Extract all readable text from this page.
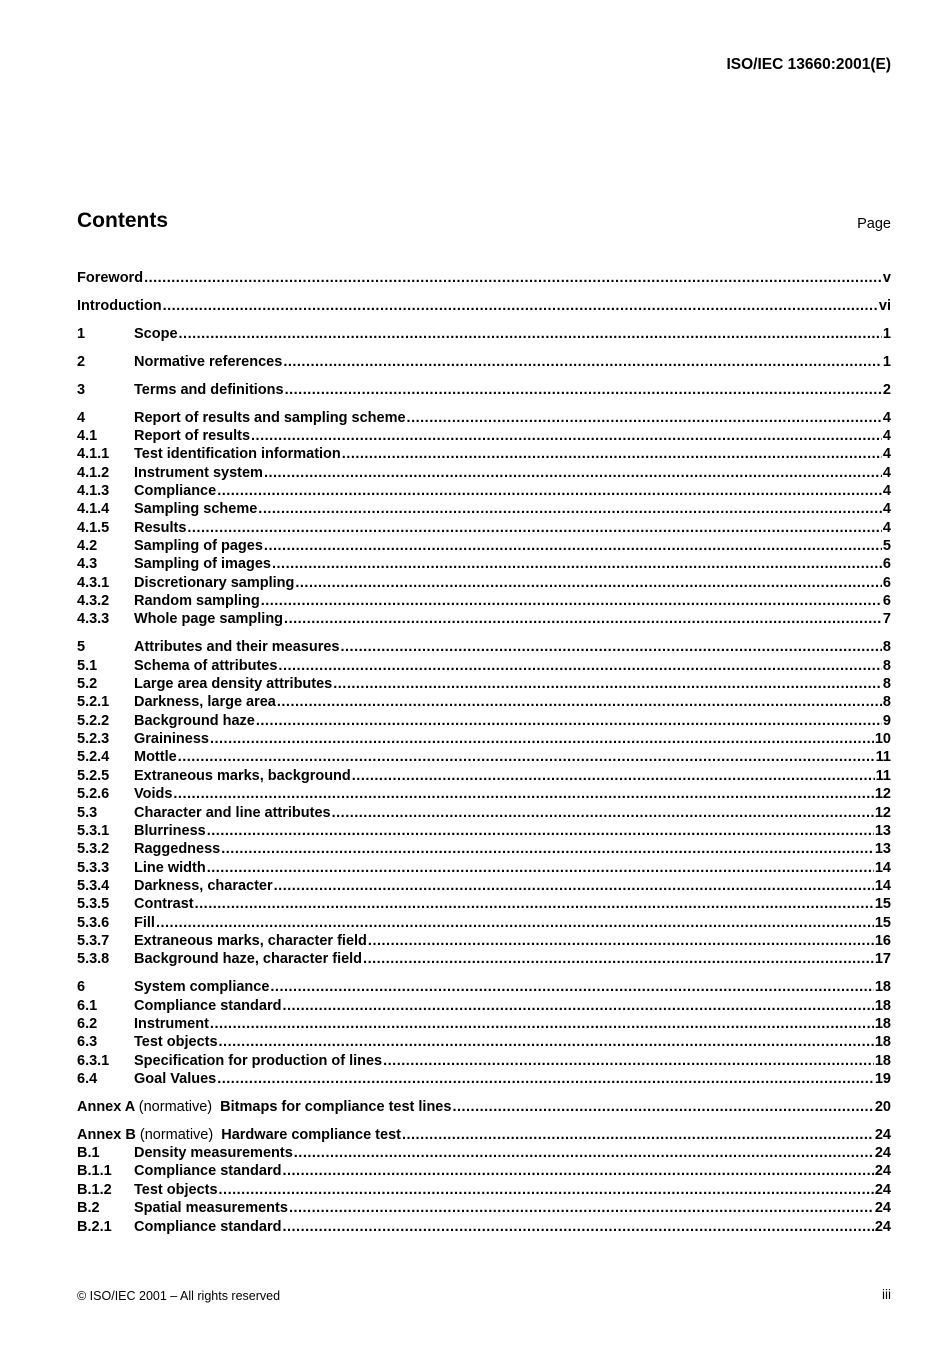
ISO/IEC 13660:2001(E)
Contents	Page
Foreword .....	v
Introduction .....	vi
1	Scope .....	1
2	Normative references .....	1
3	Terms and definitions .....	2
4	Report of results and sampling scheme .....	4
4.1	Report of results .....	4
4.1.1	Test identification information .....	4
4.1.2	Instrument system .....	4
4.1.3	Compliance .....	4
4.1.4	Sampling scheme .....	4
4.1.5	Results .....	4
4.2	Sampling of pages .....	5
4.3	Sampling of images .....	6
4.3.1	Discretionary sampling .....	6
4.3.2	Random sampling .....	6
4.3.3	Whole page sampling .....	7
5	Attributes and their measures .....	8
5.1	Schema of attributes .....	8
5.2	Large area density attributes .....	8
5.2.1	Darkness, large area .....	8
5.2.2	Background haze .....	9
5.2.3	Graininess .....	10
5.2.4	Mottle .....	11
5.2.5	Extraneous marks, background .....	11
5.2.6	Voids .....	12
5.3	Character and line attributes .....	12
5.3.1	Blurriness .....	13
5.3.2	Raggedness .....	13
5.3.3	Line width .....	14
5.3.4	Darkness, character .....	14
5.3.5	Contrast .....	15
5.3.6	Fill .....	15
5.3.7	Extraneous marks, character field .....	16
5.3.8	Background haze, character field .....	17
6	System compliance .....	18
6.1	Compliance standard .....	18
6.2	Instrument .....	18
6.3	Test objects .....	18
6.3.1	Specification for production of lines .....	18
6.4	Goal Values .....	19
Annex A (normative) Bitmaps for compliance test lines .....	20
Annex B (normative) Hardware compliance test .....	24
B.1	Density measurements .....	24
B.1.1	Compliance standard .....	24
B.1.2	Test objects .....	24
B.2	Spatial measurements .....	24
B.2.1	Compliance standard .....	24
© ISO/IEC 2001 – All rights reserved	iii
